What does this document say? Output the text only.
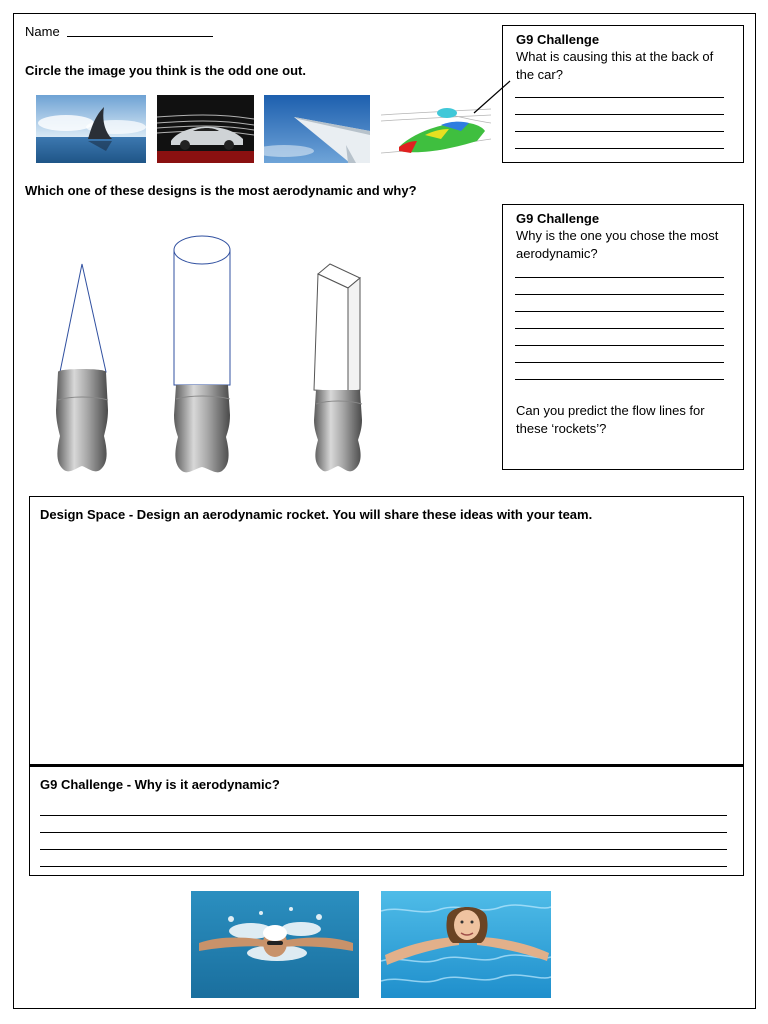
Name
Circle the image you think is the odd one out.
G9 Challenge
What is causing this at the back of
the car?
Which one of these designs is the most aerodynamic and why?
G9 Challenge
Why is the one you chose the most
aerodynamic?
Can you predict the flow lines for
these ‘rockets’?
Design Space - Design an aerodynamic rocket. You will share these ideas with your team.
G9 Challenge - Why is it aerodynamic?
